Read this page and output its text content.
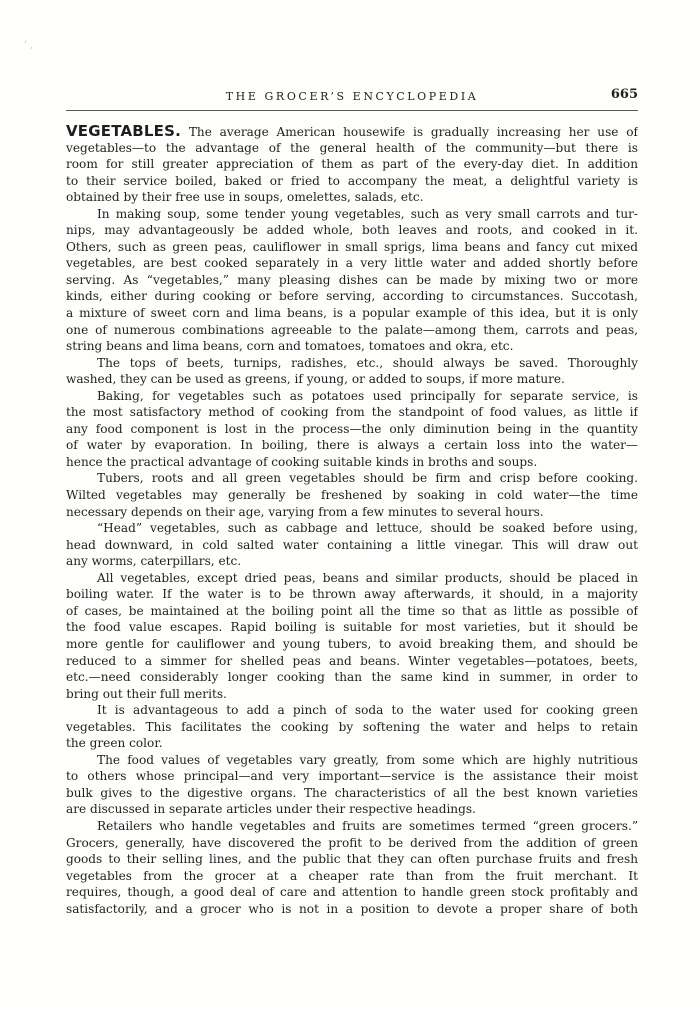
' ,
THE GROCER’S ENCYCLOPEDIA	665
VEGETABLES. The average American housewife is gradually increasing her use of
vegetables—to the advantage of the general health of the community—but there is
room for still greater appreciation of them as part of the every-day diet. In addition
to their service boiled, baked or fried to accompany the meat, a delightful variety is
obtained by their free use in soups, omelettes, salads, etc.
In making soup, some tender young vegetables, such as very small carrots and tur-
nips, may advantageously be added whole, both leaves and roots, and cooked in it.
Others, such as green peas, cauliflower in small sprigs, lima beans and fancy cut mixed
vegetables, are best cooked separately in a very little water and added shortly before
serving. As “vegetables,” many pleasing dishes can be made by mixing two or more
kinds, either during cooking or before serving, according to circumstances. Succotash,
a mixture of sweet corn and lima beans, is a popular example of this idea, but it is only
one of numerous combinations agreeable to the palate—among them, carrots and peas,
string beans and lima beans, corn and tomatoes, tomatoes and okra, etc.
The tops of beets, turnips, radishes, etc., should always be saved. Thoroughly
washed, they can be used as greens, if young, or added to soups, if more mature.
Baking, for vegetables such as potatoes used principally for separate service, is
the most satisfactory method of cooking from the standpoint of food values, as little if
any food component is lost in the process—the only diminution being in the quantity
of water by evaporation. In boiling, there is always a certain loss into the water—
hence the practical advantage of cooking suitable kinds in broths and soups.
Tubers, roots and all green vegetables should be firm and crisp before cooking.
Wilted vegetables may generally be freshened by soaking in cold water—the time
necessary depends on their age, varying from a few minutes to several hours.
“Head” vegetables, such as cabbage and lettuce, should be soaked before using,
head downward, in cold salted water containing a little vinegar. This will draw out
any worms, caterpillars, etc.
All vegetables, except dried peas, beans and similar products, should be placed in
boiling water. If the water is to be thrown away afterwards, it should, in a majority
of cases, be maintained at the boiling point all the time so that as little as possible of
the food value escapes. Rapid boiling is suitable for most varieties, but it should be
more gentle for cauliflower and young tubers, to avoid breaking them, and should be
reduced to a simmer for shelled peas and beans. Winter vegetables—potatoes, beets,
etc.—need considerably longer cooking than the same kind in summer, in order to
bring out their full merits.
It is advantageous to add a pinch of soda to the water used for cooking green
vegetables. This facilitates the cooking by softening the water and helps to retain
the green color.
The food values of vegetables vary greatly, from some which are highly nutritious
to others whose principal—and very important—service is the assistance their moist
bulk gives to the digestive organs. The characteristics of all the best known varieties
are discussed in separate articles under their respective headings.
Retailers who handle vegetables and fruits are sometimes termed “green grocers.”
Grocers, generally, have discovered the profit to be derived from the addition of green
goods to their selling lines, and the public that they can often purchase fruits and fresh
vegetables from the grocer at a cheaper rate than from the fruit merchant. It
requires, though, a good deal of care and attention to handle green stock profitably and
satisfactorily, and a grocer who is not in a position to devote a proper share of both
